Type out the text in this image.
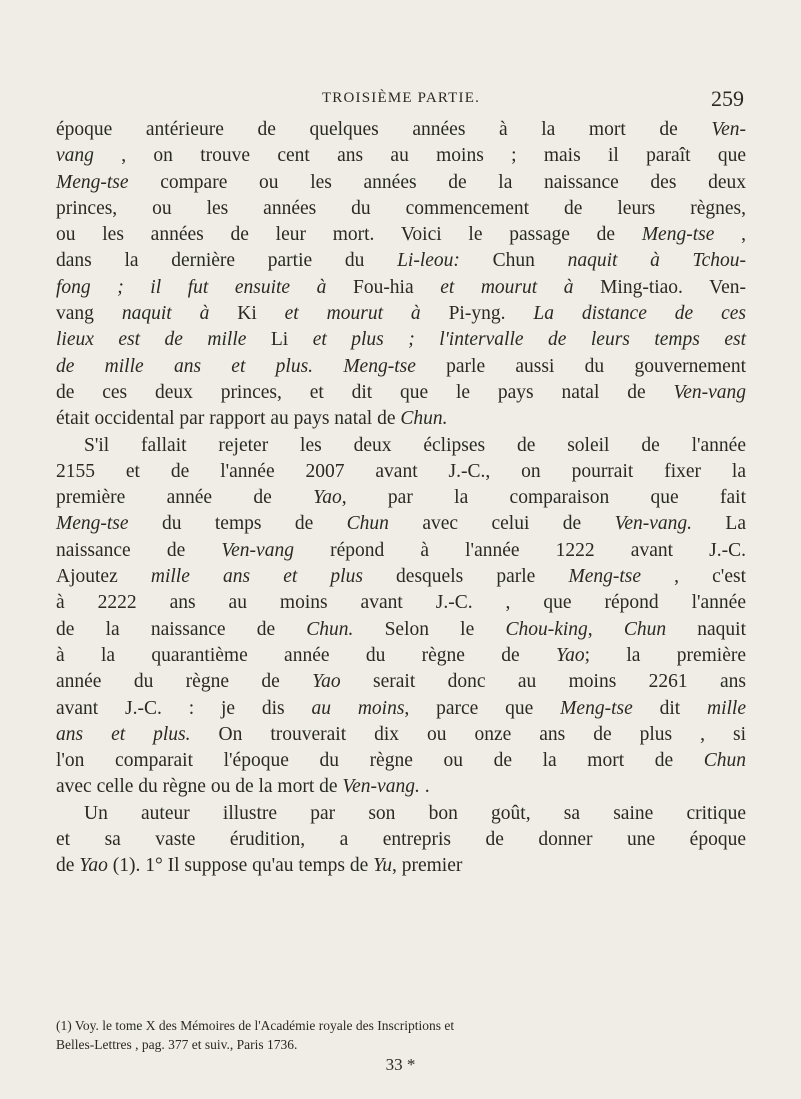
TROISIÈME PARTIE.	259
époque antérieure de quelques années à la mort de Ven-
vang , on trouve cent ans au moins ; mais il paraît que
Meng-tse compare ou les années de la naissance des deux
princes, ou les années du commencement de leurs règnes,
ou les années de leur mort. Voici le passage de Meng-tse ,
dans la dernière partie du Li-leou: Chun naquit à Tchou-
fong ; il fut ensuite à Fou-hia et mourut à Ming-tiao. Ven-
vang naquit à Ki et mourut à Pi-yng. La distance de ces
lieux est de mille Li et plus ; l'intervalle de leurs temps est
de mille ans et plus. Meng-tse parle aussi du gouvernement
de ces deux princes, et dit que le pays natal de Ven-vang
était occidental par rapport au pays natal de Chun.
S'il fallait rejeter les deux éclipses de soleil de l'année
2155 et de l'année 2007 avant J.-C., on pourrait fixer la
première année de Yao, par la comparaison que fait
Meng-tse du temps de Chun avec celui de Ven-vang. La
naissance de Ven-vang répond à l'année 1222 avant J.-C.
Ajoutez mille ans et plus desquels parle Meng-tse , c'est
à 2222 ans au moins avant J.-C. , que répond l'année
de la naissance de Chun. Selon le Chou-king, Chun naquit
à la quarantième année du règne de Yao; la première
année du règne de Yao serait donc au moins 2261 ans
avant J.-C. : je dis au moins, parce que Meng-tse dit mille
ans et plus. On trouverait dix ou onze ans de plus , si
l'on comparait l'époque du règne ou de la mort de Chun
avec celle du règne ou de la mort de Ven-vang. .
Un auteur illustre par son bon goût, sa saine critique
et sa vaste érudition, a entrepris de donner une époque
de Yao (1). 1° Il suppose qu'au temps de Yu, premier
(1) Voy. le tome X des Mémoires de l'Académie royale des Inscriptions et
Belles-Lettres , pag. 377 et suiv., Paris 1736.
33 *
